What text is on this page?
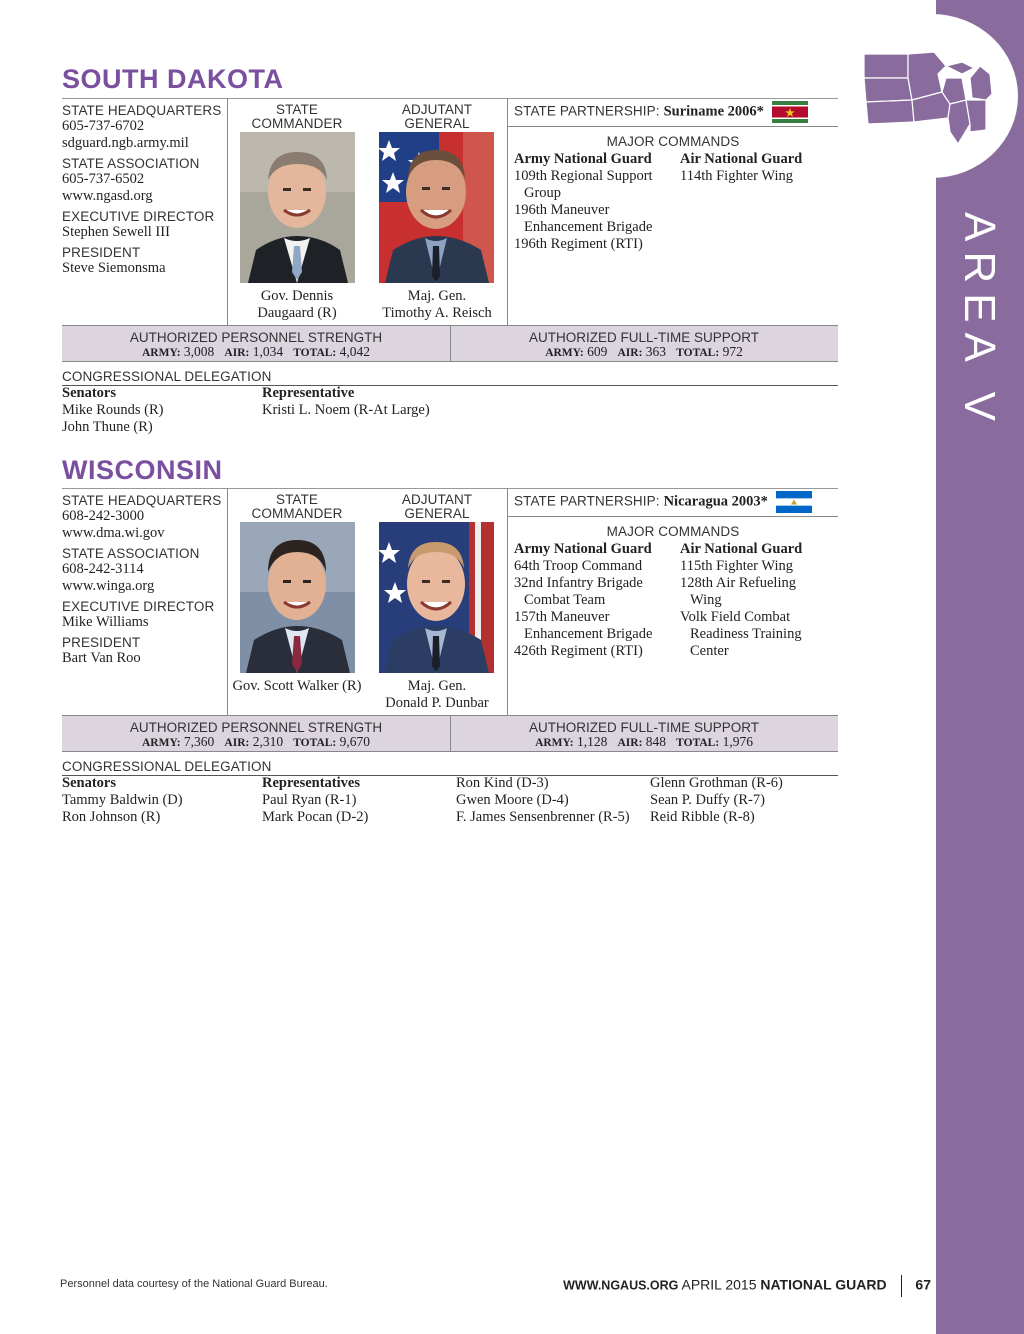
AREA V
SOUTH DAKOTA
STATE HEADQUARTERS
605-737-6702
sdguard.ngb.army.mil
STATE ASSOCIATION
605-737-6502
www.ngasd.org
EXECUTIVE DIRECTOR
Stephen Sewell III
PRESIDENT
Steve Siemonsma
STATE COMMANDER
Gov. Dennis
Daugaard (R)
ADJUTANT
GENERAL
Maj. Gen.
Timothy A. Reisch
STATE PARTNERSHIP: Suriname 2006*
MAJOR COMMANDS
Army National Guard
109th Regional Support
Group
196th Maneuver
Enhancement Brigade
196th Regiment (RTI)
Air National Guard
114th Fighter Wing
AUTHORIZED PERSONNEL STRENGTH
ARMY: 3,008 AIR: 1,034 TOTAL: 4,042
AUTHORIZED FULL-TIME SUPPORT
ARMY: 609 AIR: 363 TOTAL: 972
CONGRESSIONAL DELEGATION
Senators
Mike Rounds (R)
John Thune (R)
Representative
Kristi L. Noem (R-At Large)
WISCONSIN
STATE HEADQUARTERS
608-242-3000
www.dma.wi.gov
STATE ASSOCIATION
608-242-3114
www.winga.org
EXECUTIVE DIRECTOR
Mike Williams
PRESIDENT
Bart Van Roo
STATE COMMANDER
Gov. Scott Walker (R)
ADJUTANT
GENERAL
Maj. Gen.
Donald P. Dunbar
STATE PARTNERSHIP: Nicaragua 2003*
MAJOR COMMANDS
Army National Guard
64th Troop Command
32nd Infantry Brigade
Combat Team
157th Maneuver
Enhancement Brigade
426th Regiment (RTI)
Air National Guard
115th Fighter Wing
128th Air Refueling
Wing
Volk Field Combat
Readiness Training
Center
AUTHORIZED PERSONNEL STRENGTH
ARMY: 7,360 AIR: 2,310 TOTAL: 9,670
AUTHORIZED FULL-TIME SUPPORT
ARMY: 1,128 AIR: 848 TOTAL: 1,976
CONGRESSIONAL DELEGATION
Senators
Tammy Baldwin (D)
Ron Johnson (R)
Representatives
Paul Ryan (R-1)
Mark Pocan (D-2)
Ron Kind (D-3)
Gwen Moore (D-4)
F. James Sensenbrenner (R-5)
Glenn Grothman (R-6)
Sean P. Duffy (R-7)
Reid Ribble (R-8)
Personnel data courtesy of the National Guard Bureau.	WWW.NGAUS.ORG APRIL 2015 NATIONAL GUARD 67
